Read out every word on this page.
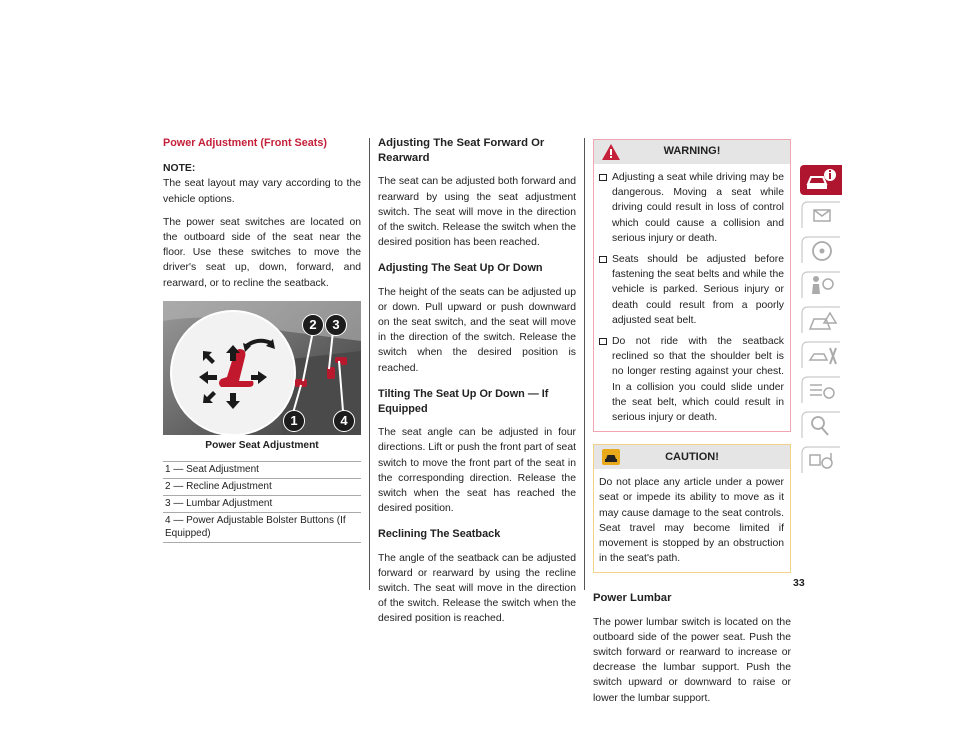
Power Adjustment (Front Seats)
NOTE:

The seat layout may vary according to the vehicle options.

The power seat switches are located on the outboard side of the seat near the floor. Use these switches to move the driver's seat up, down, forward, and rearward, or to recline the seatback.

2	3
1	4
Power Seat Adjustment
1 — Seat Adjustment
2 — Recline Adjustment
3 — Lumbar Adjustment
4 — Power Adjustable Bolster Buttons (If Equipped)
Adjusting The Seat Forward Or Rearward

The seat can be adjusted both forward and rearward by using the seat adjustment switch. The seat will move in the direction of the switch. Release the switch when the desired position has been reached.

Adjusting The Seat Up Or Down

The height of the seats can be adjusted up or down. Pull upward or push downward on the seat switch, and the seat will move in the direction of the switch. Release the switch when the desired position is reached.

Tilting The Seat Up Or Down — If Equipped

The seat angle can be adjusted in four directions. Lift or push the front part of seat switch to move the front part of the seat in the corresponding direction. Release the switch when the seat has reached the desired position.

Reclining The Seatback

The angle of the seatback can be adjusted forward or rearward by using the recline switch. The seat will move in the direction of the switch. Release the switch when the desired position is reached.

WARNING!
Adjusting a seat while driving may be dangerous. Moving a seat while driving could result in loss of control which could cause a collision and serious injury or death.
Seats should be adjusted before fastening the seat belts and while the vehicle is parked. Serious injury or death could result from a poorly adjusted seat belt.
Do not ride with the seatback reclined so that the shoulder belt is no longer resting against your chest. In a collision you could slide under the seat belt, which could result in serious injury or death.
CAUTION!

Do not place any article under a power seat or impede its ability to move as it may cause damage to the seat controls. Seat travel may become limited if movement is stopped by an obstruction in the seat's path.

Power Lumbar

The power lumbar switch is located on the outboard side of the power seat. Push the switch forward or rearward to increase or decrease the lumbar support. Push the switch upward or downward to raise or lower the lumbar support.

33
